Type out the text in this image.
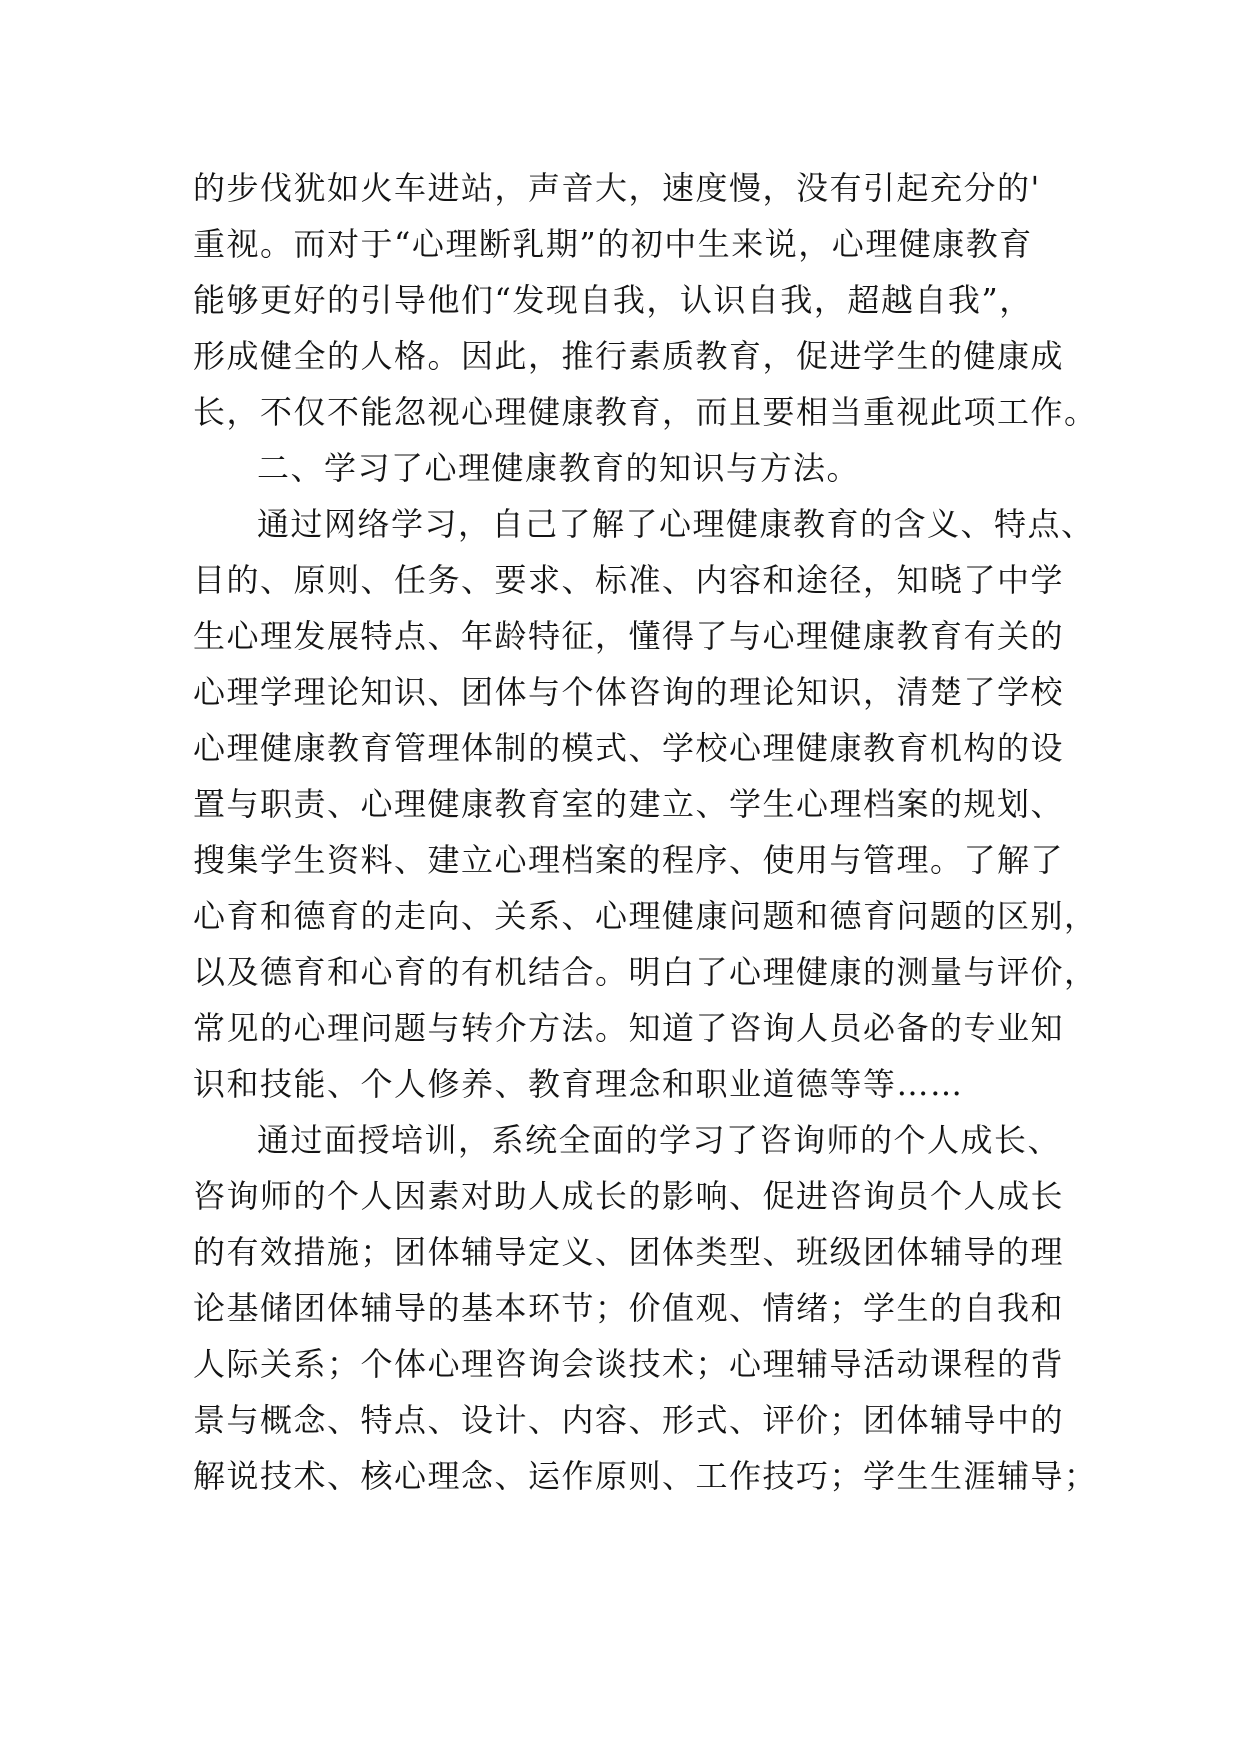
的步伐犹如火车进站，声音大，速度慢，没有引起充分的'
重视。而对于“心理断乳期”的初中生来说，心理健康教育
能够更好的引导他们“发现自我，认识自我，超越自我”，
形成健全的人格。因此，推行素质教育，促进学生的健康成
长，不仅不能忽视心理健康教育，而且要相当重视此项工作。
二、学习了心理健康教育的知识与方法。
通过网络学习，自己了解了心理健康教育的含义、特点、
目的、原则、任务、要求、标准、内容和途径，知晓了中学
生心理发展特点、年龄特征，懂得了与心理健康教育有关的
心理学理论知识、团体与个体咨询的理论知识，清楚了学校
心理健康教育管理体制的模式、学校心理健康教育机构的设
置与职责、心理健康教育室的建立、学生心理档案的规划、
搜集学生资料、建立心理档案的程序、使用与管理。了解了
心育和德育的走向、关系、心理健康问题和德育问题的区别，
以及德育和心育的有机结合。明白了心理健康的测量与评价，
常见的心理问题与转介方法。知道了咨询人员必备的专业知
识和技能、个人修养、教育理念和职业道德等等……
通过面授培训，系统全面的学习了咨询师的个人成长、
咨询师的个人因素对助人成长的影响、促进咨询员个人成长
的有效措施；团体辅导定义、团体类型、班级团体辅导的理
论基储团体辅导的基本环节；价值观、情绪；学生的自我和
人际关系；个体心理咨询会谈技术；心理辅导活动课程的背
景与概念、特点、设计、内容、形式、评价；团体辅导中的
解说技术、核心理念、运作原则、工作技巧；学生生涯辅导；
